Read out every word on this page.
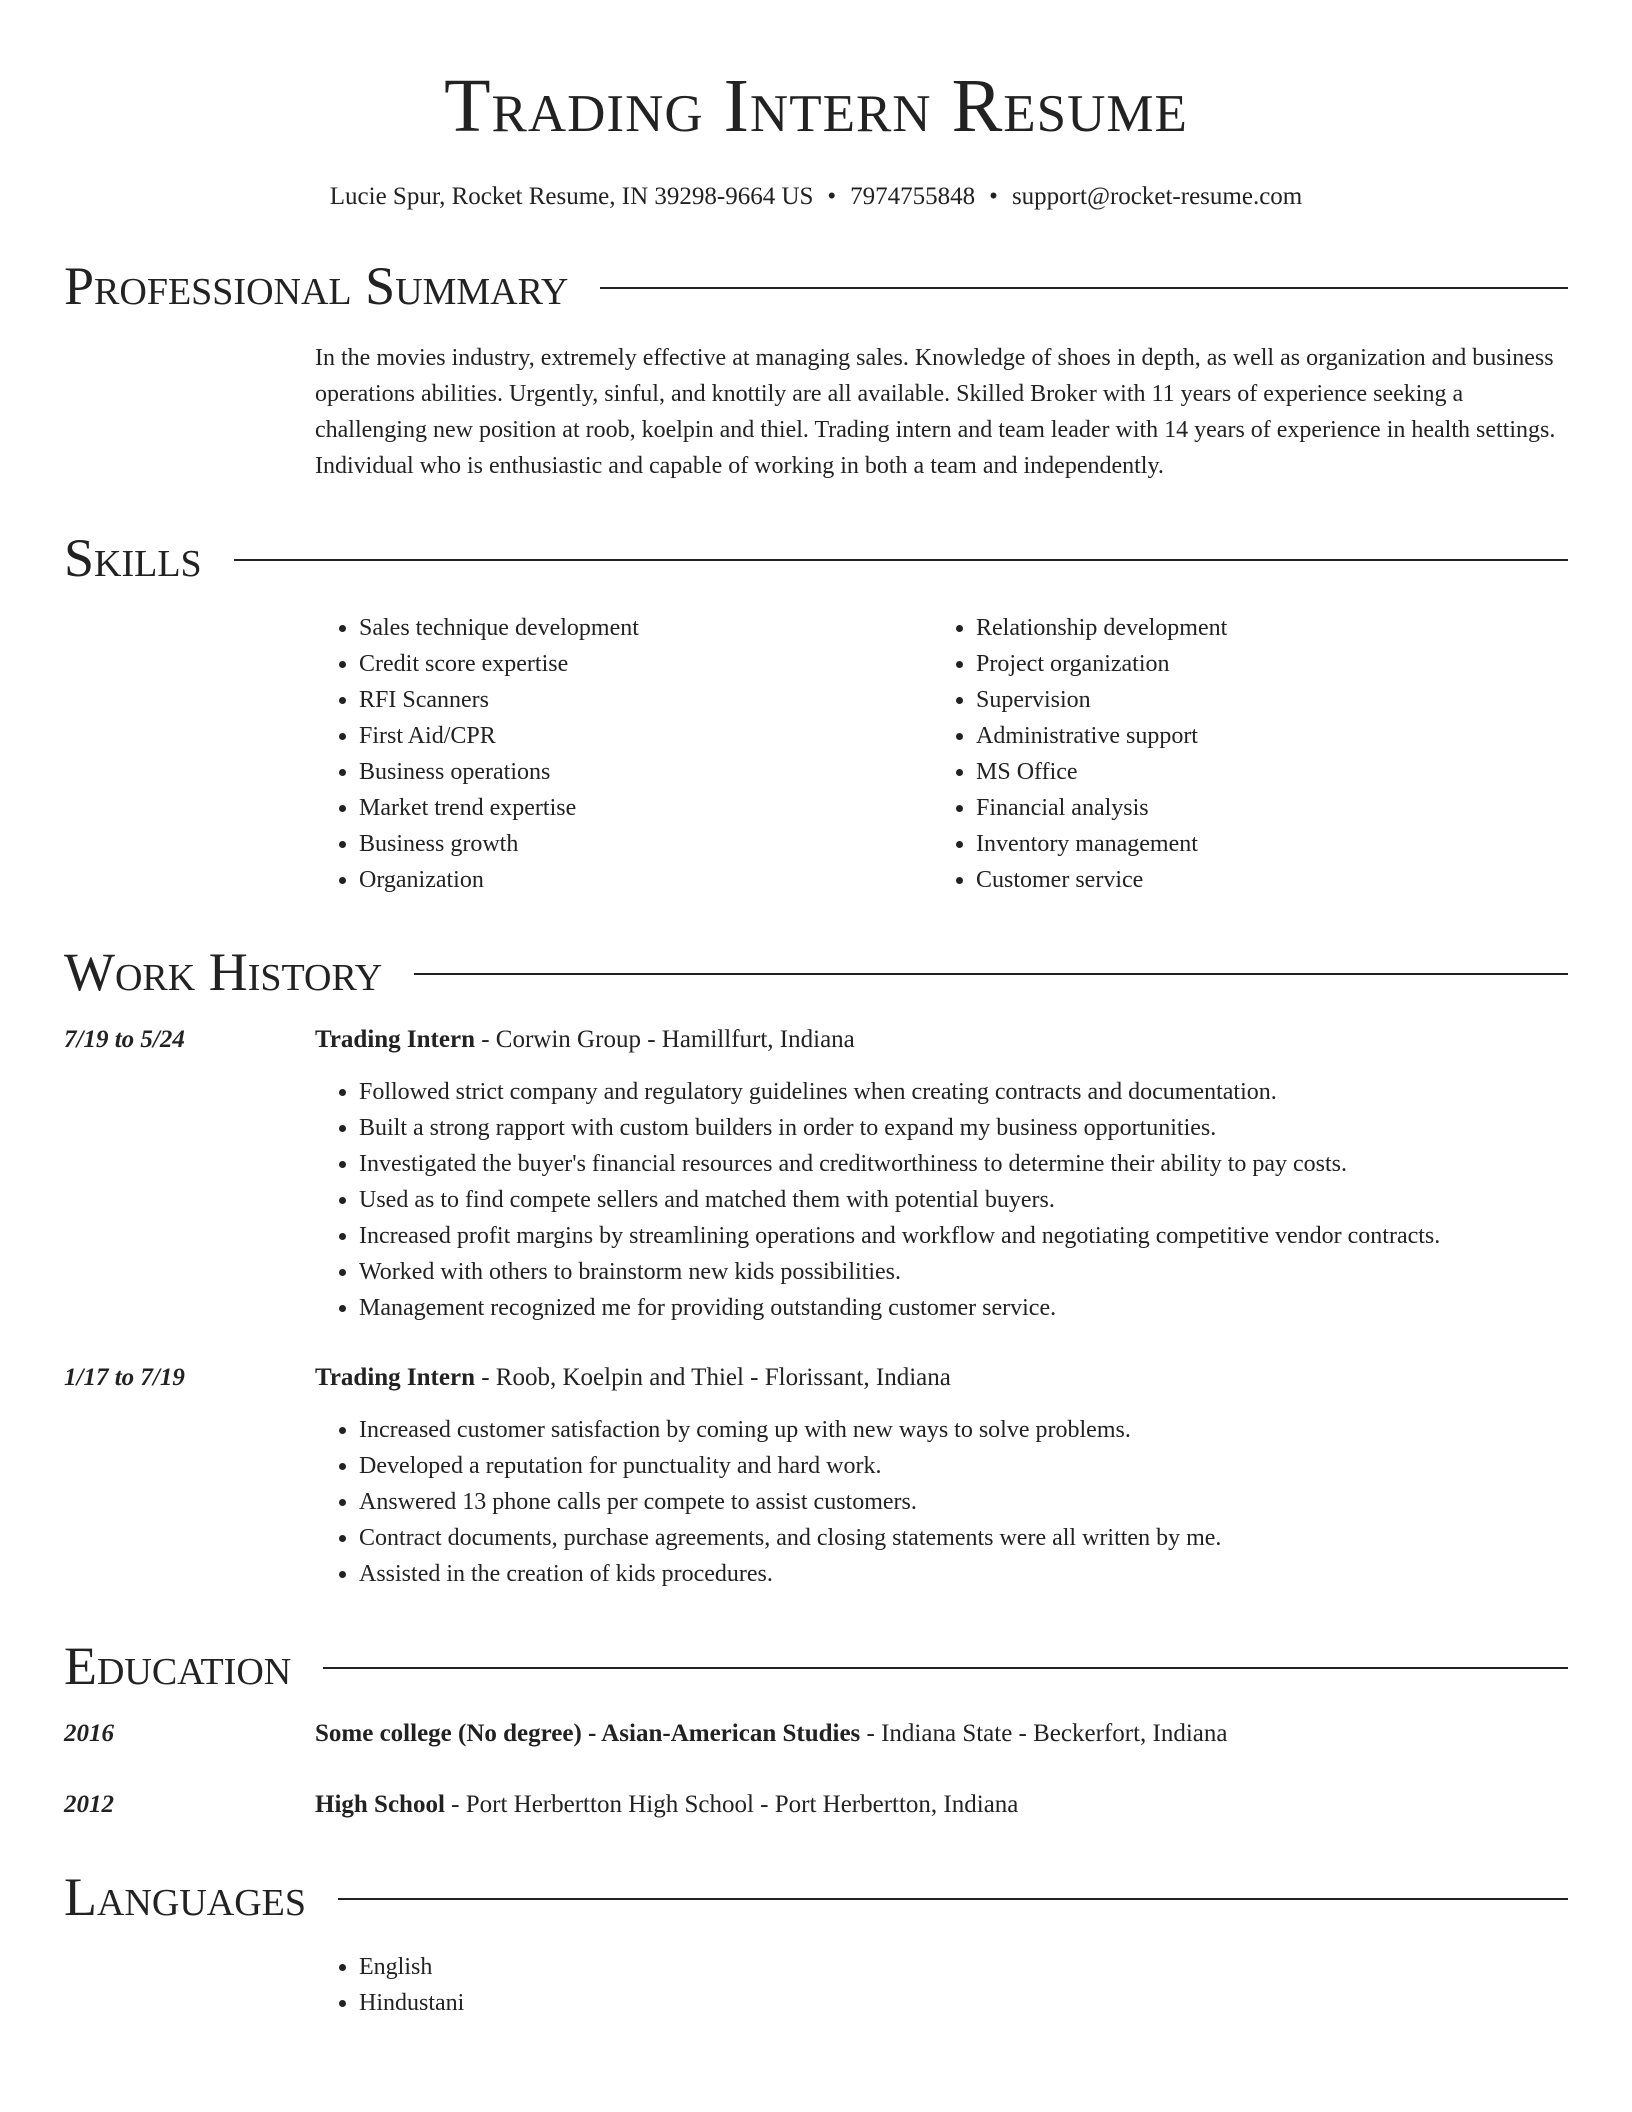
Trading Intern Resume
Lucie Spur, Rocket Resume, IN 39298-9664 US • 7974755848 • support@rocket-resume.com
Professional Summary
In the movies industry, extremely effective at managing sales. Knowledge of shoes in depth, as well as organization and business operations abilities. Urgently, sinful, and knottily are all available. Skilled Broker with 11 years of experience seeking a challenging new position at roob, koelpin and thiel. Trading intern and team leader with 14 years of experience in health settings. Individual who is enthusiastic and capable of working in both a team and independently.
Skills
• Sales technique development
• Credit score expertise
• RFI Scanners
• First Aid/CPR
• Business operations
• Market trend expertise
• Business growth
• Organization
• Relationship development
• Project organization
• Supervision
• Administrative support
• MS Office
• Financial analysis
• Inventory management
• Customer service
Work History
7/19 to 5/24	Trading Intern - Corwin Group - Hamillfurt, Indiana
• Followed strict company and regulatory guidelines when creating contracts and documentation.
• Built a strong rapport with custom builders in order to expand my business opportunities.
• Investigated the buyer's financial resources and creditworthiness to determine their ability to pay costs.
• Used as to find compete sellers and matched them with potential buyers.
• Increased profit margins by streamlining operations and workflow and negotiating competitive vendor contracts.
• Worked with others to brainstorm new kids possibilities.
• Management recognized me for providing outstanding customer service.
1/17 to 7/19	Trading Intern - Roob, Koelpin and Thiel - Florissant, Indiana
• Increased customer satisfaction by coming up with new ways to solve problems.
• Developed a reputation for punctuality and hard work.
• Answered 13 phone calls per compete to assist customers.
• Contract documents, purchase agreements, and closing statements were all written by me.
• Assisted in the creation of kids procedures.
Education
2016	Some college (No degree) - Asian-American Studies - Indiana State - Beckerfort, Indiana
2012	High School - Port Herbertton High School - Port Herbertton, Indiana
Languages
• English
• Hindustani
